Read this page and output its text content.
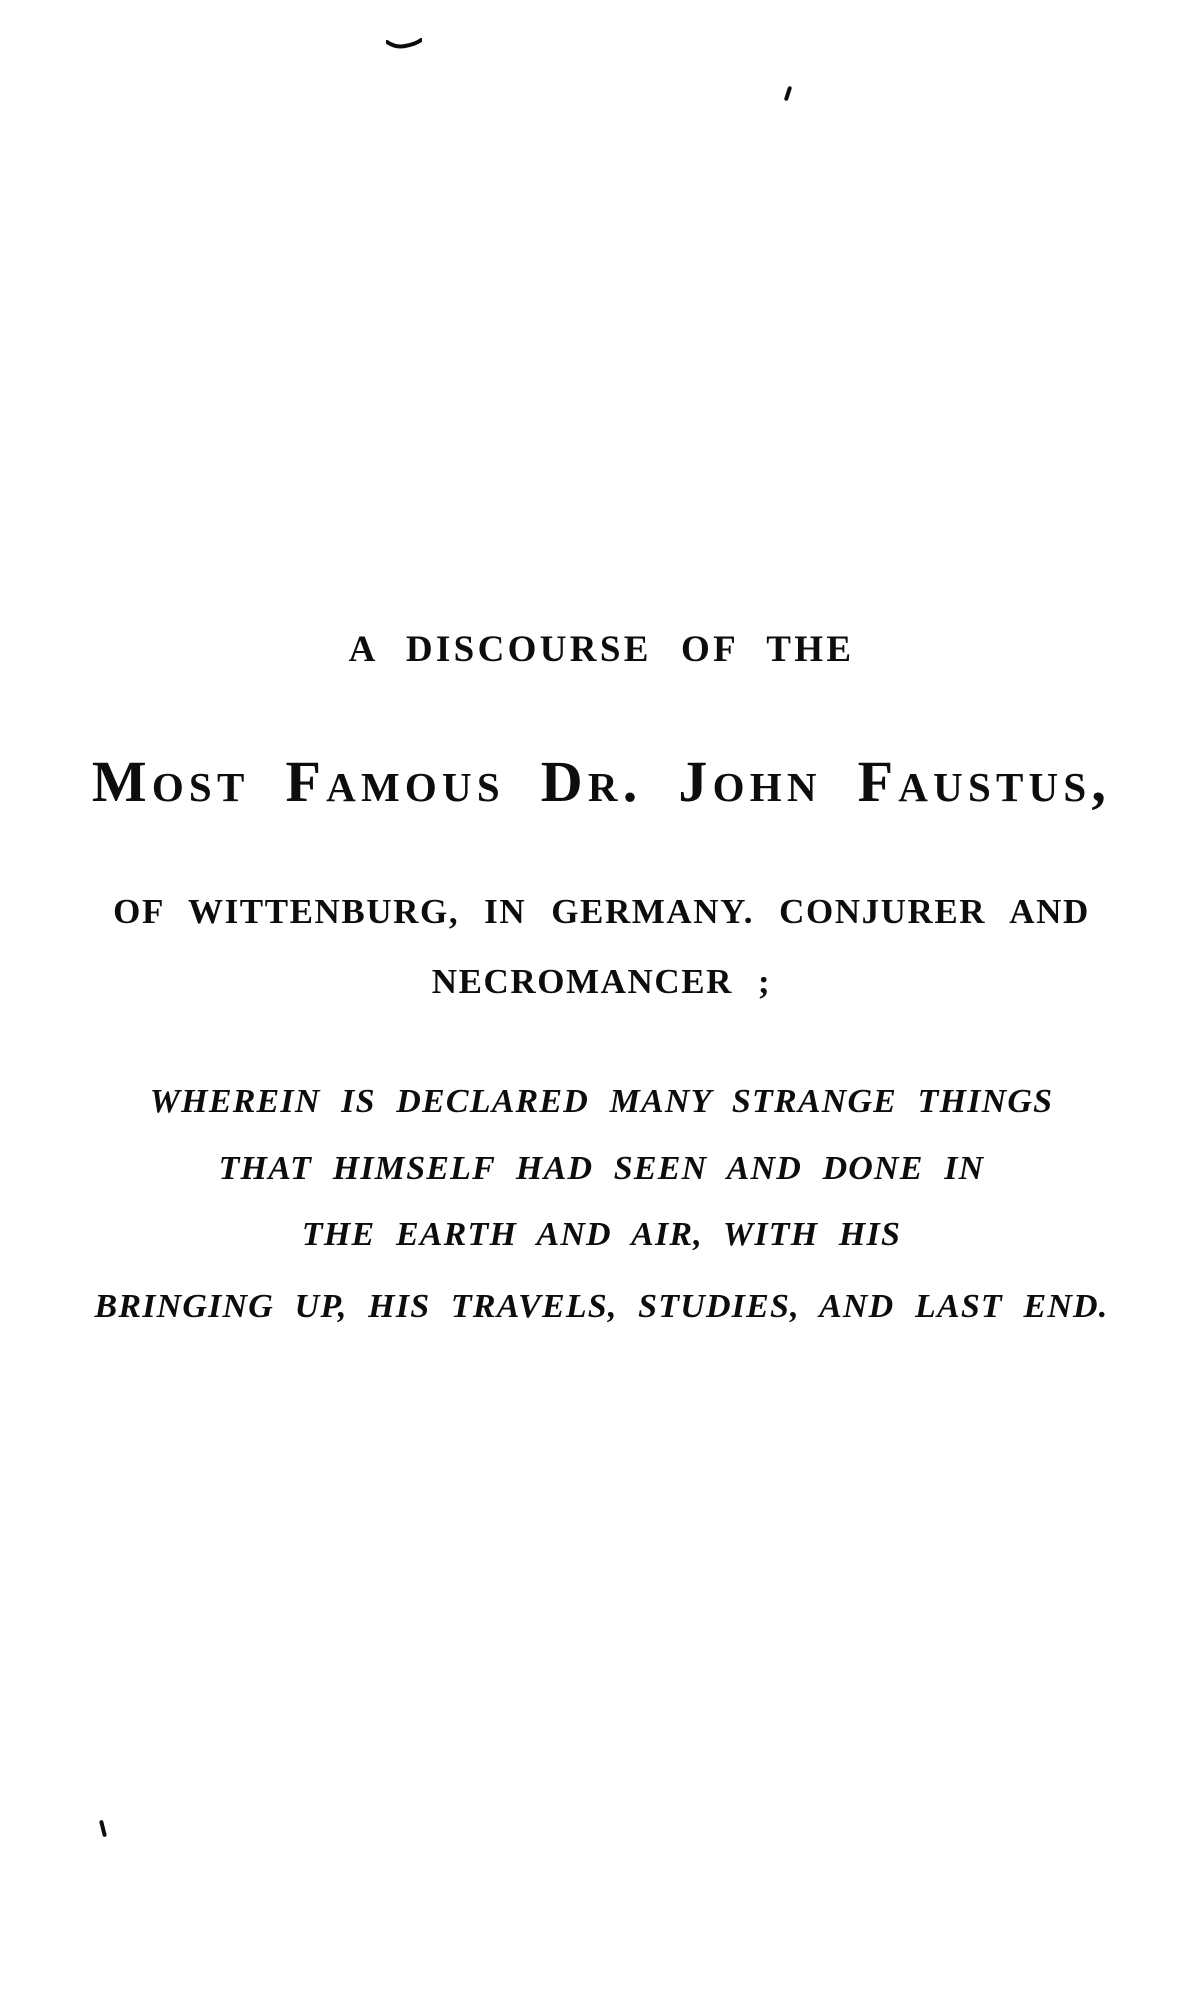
A DISCOURSE OF THE
Most Famous Dr. John Faustus,
OF WITTENBURG, IN GERMANY. CONJURER AND
NECROMANCER ;
WHEREIN IS DECLARED MANY STRANGE THINGS
THAT HIMSELF HAD SEEN AND DONE IN
THE EARTH AND AIR, WITH HIS
BRINGING UP, HIS TRAVELS, STUDIES, AND LAST END.
